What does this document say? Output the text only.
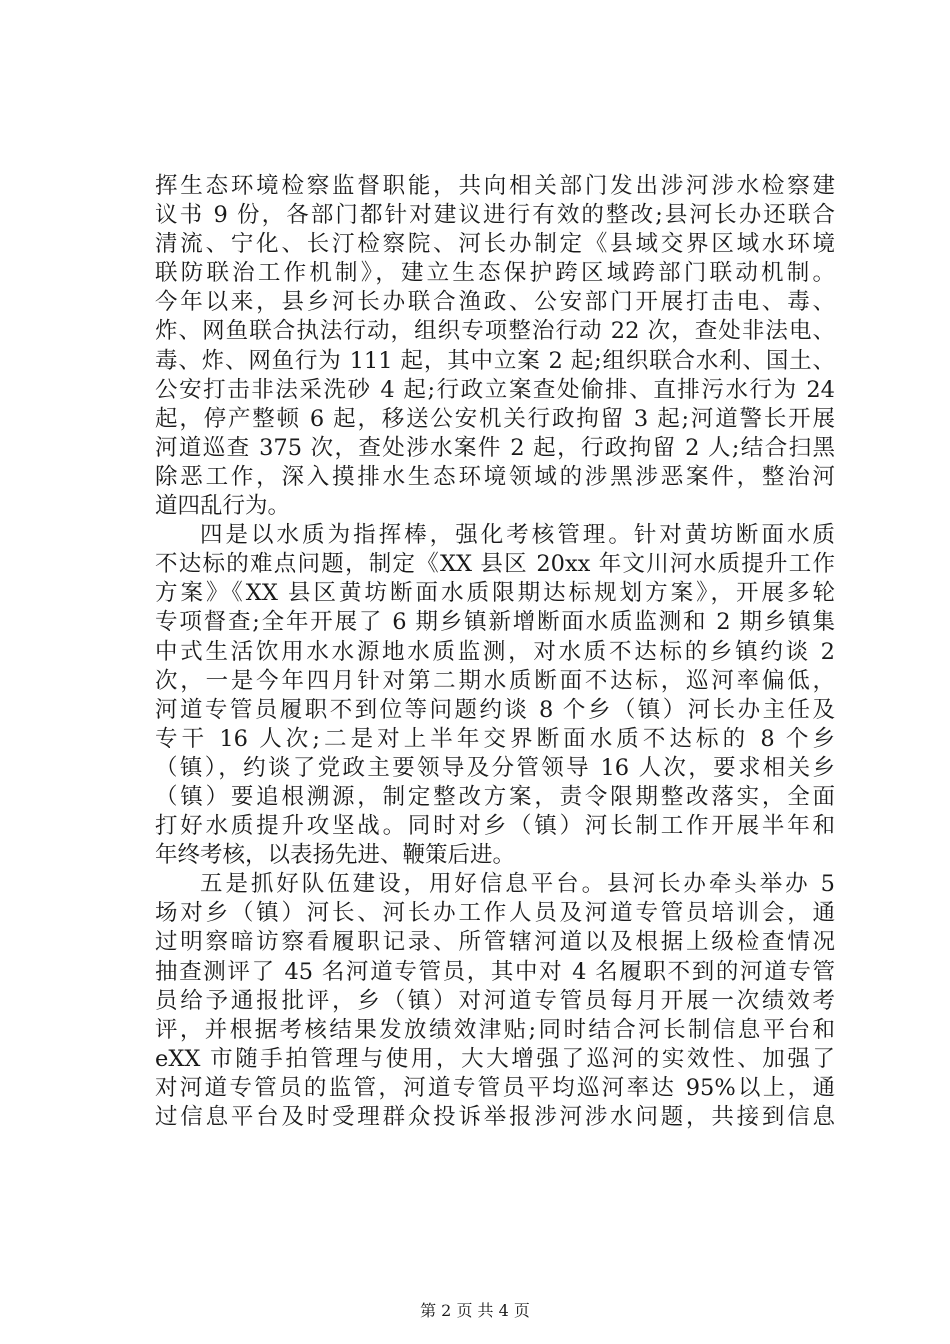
挥生态环境检察监督职能，共向相关部门发出涉河涉水检察建
议书 9 份，各部门都针对建议进行有效的整改;县河长办还联合
清流、宁化、长汀检察院、河长办制定《县域交界区域水环境
联防联治工作机制》，建立生态保护跨区域跨部门联动机制。
今年以来，县乡河长办联合渔政、公安部门开展打击电、毒、
炸、网鱼联合执法行动，组织专项整治行动 22 次，查处非法电、
毒、炸、网鱼行为 111 起，其中立案 2 起;组织联合水利、国土、
公安打击非法采洗砂 4 起;行政立案查处偷排、直排污水行为 24
起，停产整顿 6 起，移送公安机关行政拘留 3 起;河道警长开展
河道巡查 375 次，查处涉水案件 2 起，行政拘留 2 人;结合扫黑
除恶工作，深入摸排水生态环境领域的涉黑涉恶案件，整治河
道四乱行为。
四是以水质为指挥棒，强化考核管理。针对黄坊断面水质
不达标的难点问题，制定《XX 县区 20xx 年文川河水质提升工作
方案》《XX 县区黄坊断面水质限期达标规划方案》，开展多轮
专项督查;全年开展了 6 期乡镇新增断面水质监测和 2 期乡镇集
中式生活饮用水水源地水质监测，对水质不达标的乡镇约谈 2
次，一是今年四月针对第二期水质断面不达标，巡河率偏低，
河道专管员履职不到位等问题约谈 8 个乡（镇）河长办主任及
专干 16 人次;二是对上半年交界断面水质不达标的 8 个乡
（镇），约谈了党政主要领导及分管领导 16 人次，要求相关乡
（镇）要追根溯源，制定整改方案，责令限期整改落实，全面
打好水质提升攻坚战。同时对乡（镇）河长制工作开展半年和
年终考核，以表扬先进、鞭策后进。
五是抓好队伍建设，用好信息平台。县河长办牵头举办 5
场对乡（镇）河长、河长办工作人员及河道专管员培训会，通
过明察暗访察看履职记录、所管辖河道以及根据上级检查情况
抽查测评了 45 名河道专管员，其中对 4 名履职不到的河道专管
员给予通报批评，乡（镇）对河道专管员每月开展一次绩效考
评，并根据考核结果发放绩效津贴;同时结合河长制信息平台和
eXX 市随手拍管理与使用，大大增强了巡河的实效性、加强了
对河道专管员的监管，河道专管员平均巡河率达 95%以上，通
过信息平台及时受理群众投诉举报涉河涉水问题，共接到信息
第 2 页 共 4 页
